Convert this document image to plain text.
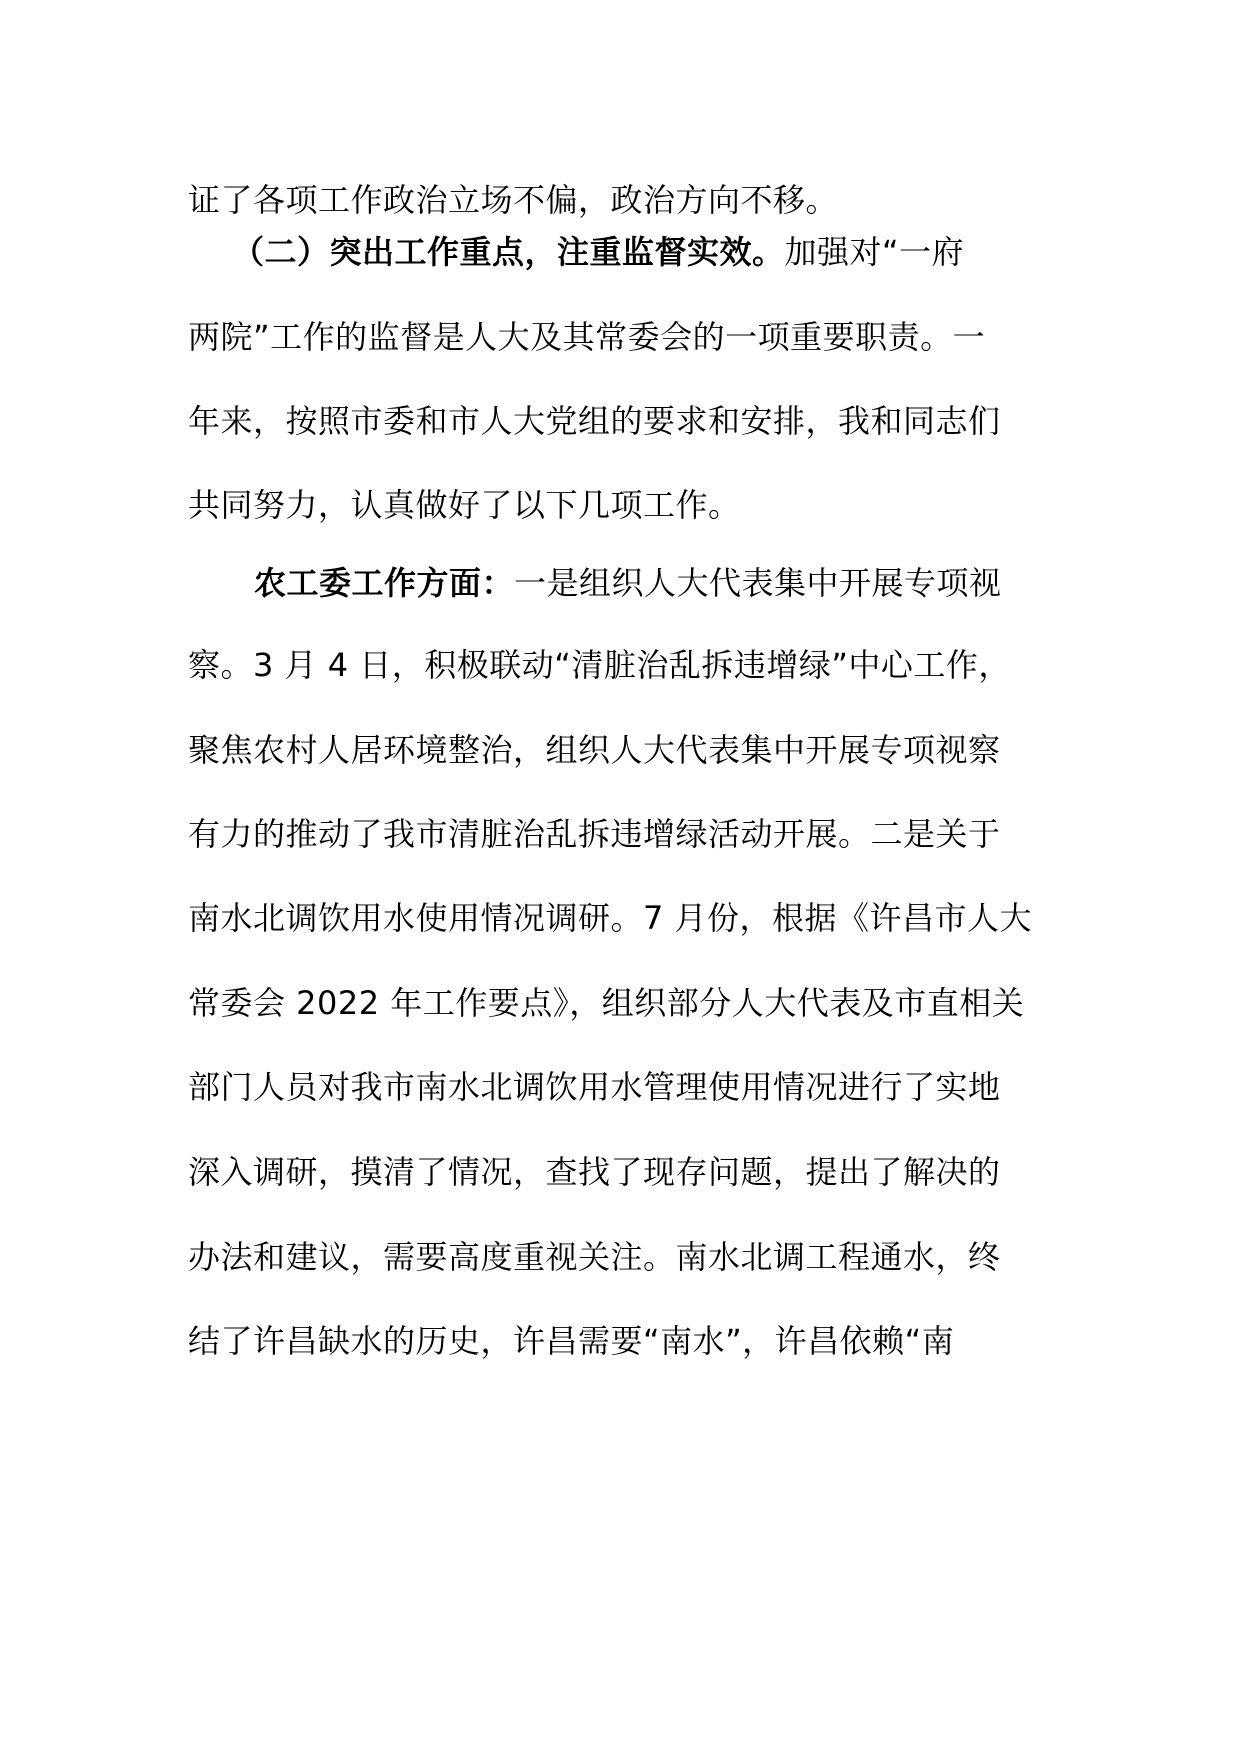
证了各项工作政治立场不偏，政治方向不移。
（二）突出工作重点，注重监督实效。加强对“一府
两院”工作的监督是人大及其常委会的一项重要职责。一
年来，按照市委和市人大党组的要求和安排，我和同志们
共同努力，认真做好了以下几项工作。
农工委工作方面：一是组织人大代表集中开展专项视
察。3 月 4 日，积极联动“清脏治乱拆违增绿”中心工作，
聚焦农村人居环境整治，组织人大代表集中开展专项视察
有力的推动了我市清脏治乱拆违增绿活动开展。二是关于
南水北调饮用水使用情况调研。7 月份，根据《许昌市人大
常委会 2022 年工作要点》，组织部分人大代表及市直相关
部门人员对我市南水北调饮用水管理使用情况进行了实地
深入调研，摸清了情况，查找了现存问题，提出了解决的
办法和建议，需要高度重视关注。南水北调工程通水，终
结了许昌缺水的历史，许昌需要“南水”，许昌依赖“南
